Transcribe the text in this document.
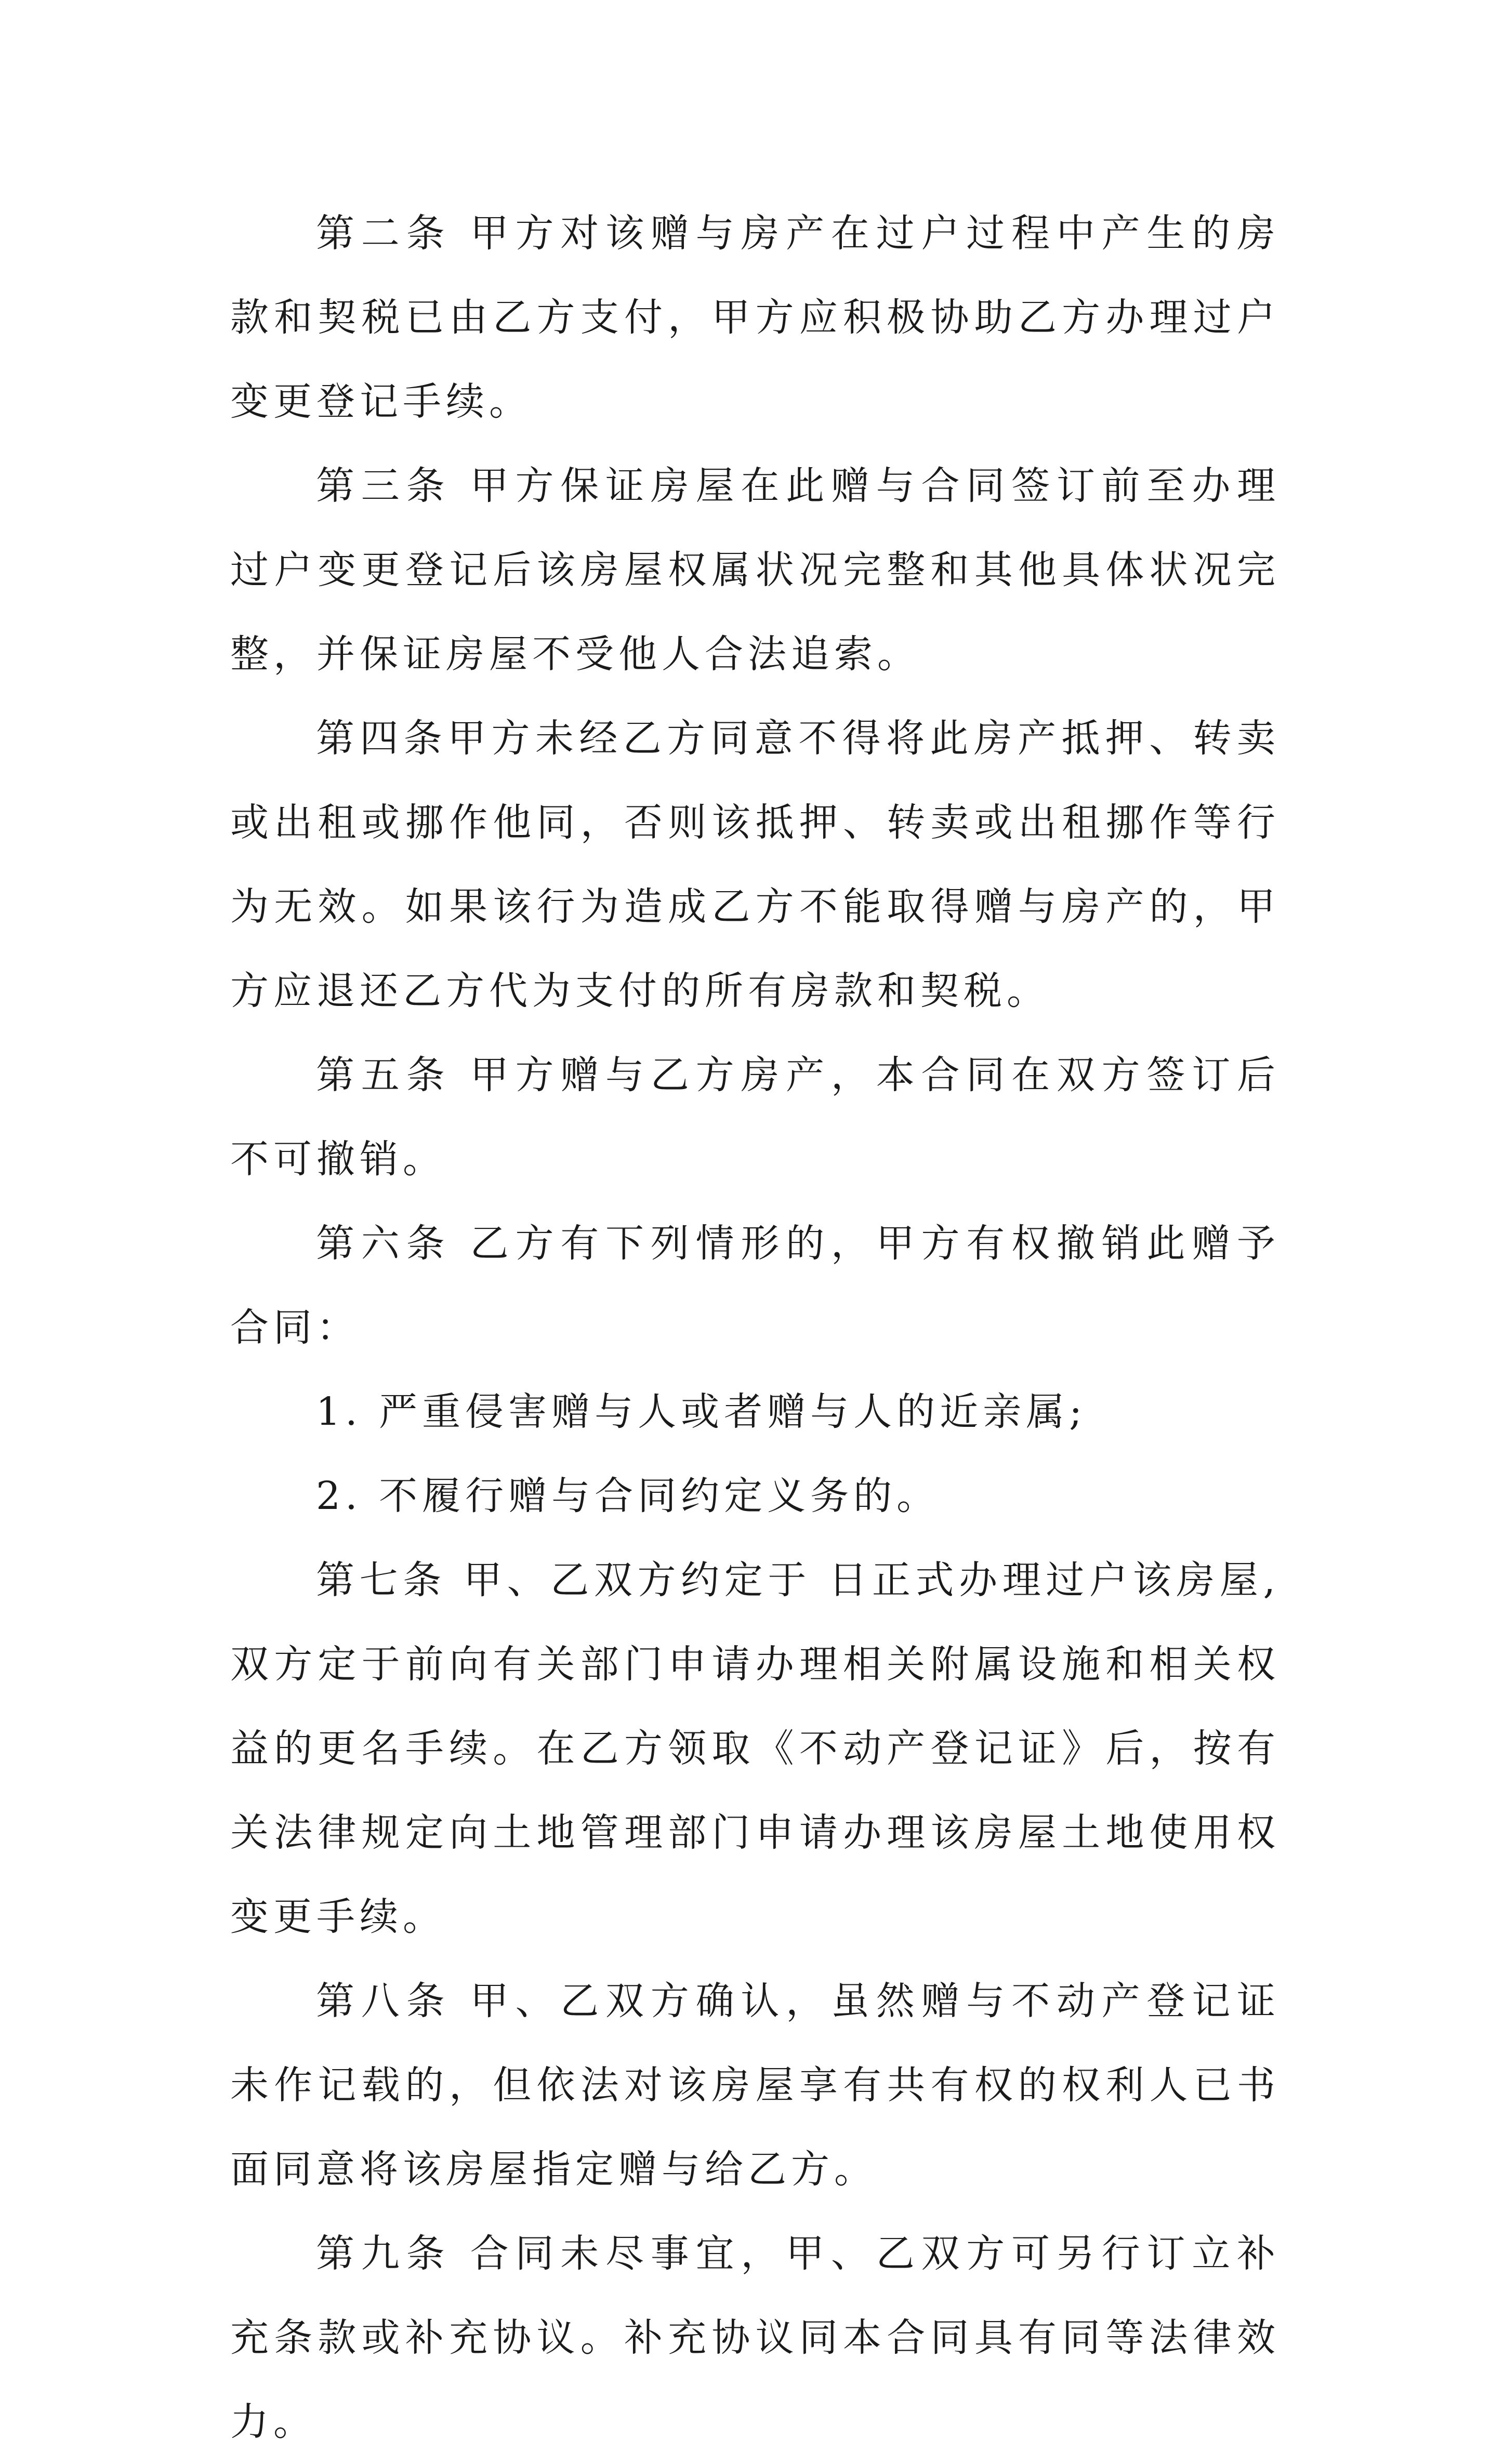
第二条 甲方对该赠与房产在过户过程中产生的房款和契税已由乙方支付，甲方应积极协助乙方办理过户变更登记手续。

第三条 甲方保证房屋在此赠与合同签订前至办理过户变更登记后该房屋权属状况完整和其他具体状况完整，并保证房屋不受他人合法追索。

第四条甲方未经乙方同意不得将此房产抵押、转卖或出租或挪作他同，否则该抵押、转卖或出租挪作等行为无效。如果该行为造成乙方不能取得赠与房产的，甲方应退还乙方代为支付的所有房款和契税。

第五条 甲方赠与乙方房产，本合同在双方签订后不可撤销。

第六条 乙方有下列情形的，甲方有权撤销此赠予合同：

1. 严重侵害赠与人或者赠与人的近亲属;

2. 不履行赠与合同约定义务的。

第七条 甲、乙双方约定于 日正式办理过户该房屋,双方定于前向有关部门申请办理相关附属设施和相关权益的更名手续。在乙方领取《不动产登记证》后，按有关法律规定向土地管理部门申请办理该房屋土地使用权变更手续。

第八条 甲、乙双方确认，虽然赠与不动产登记证未作记载的，但依法对该房屋享有共有权的权利人已书面同意将该房屋指定赠与给乙方。

第九条 合同未尽事宜，甲、乙双方可另行订立补充条款或补充协议。补充协议同本合同具有同等法律效力。
